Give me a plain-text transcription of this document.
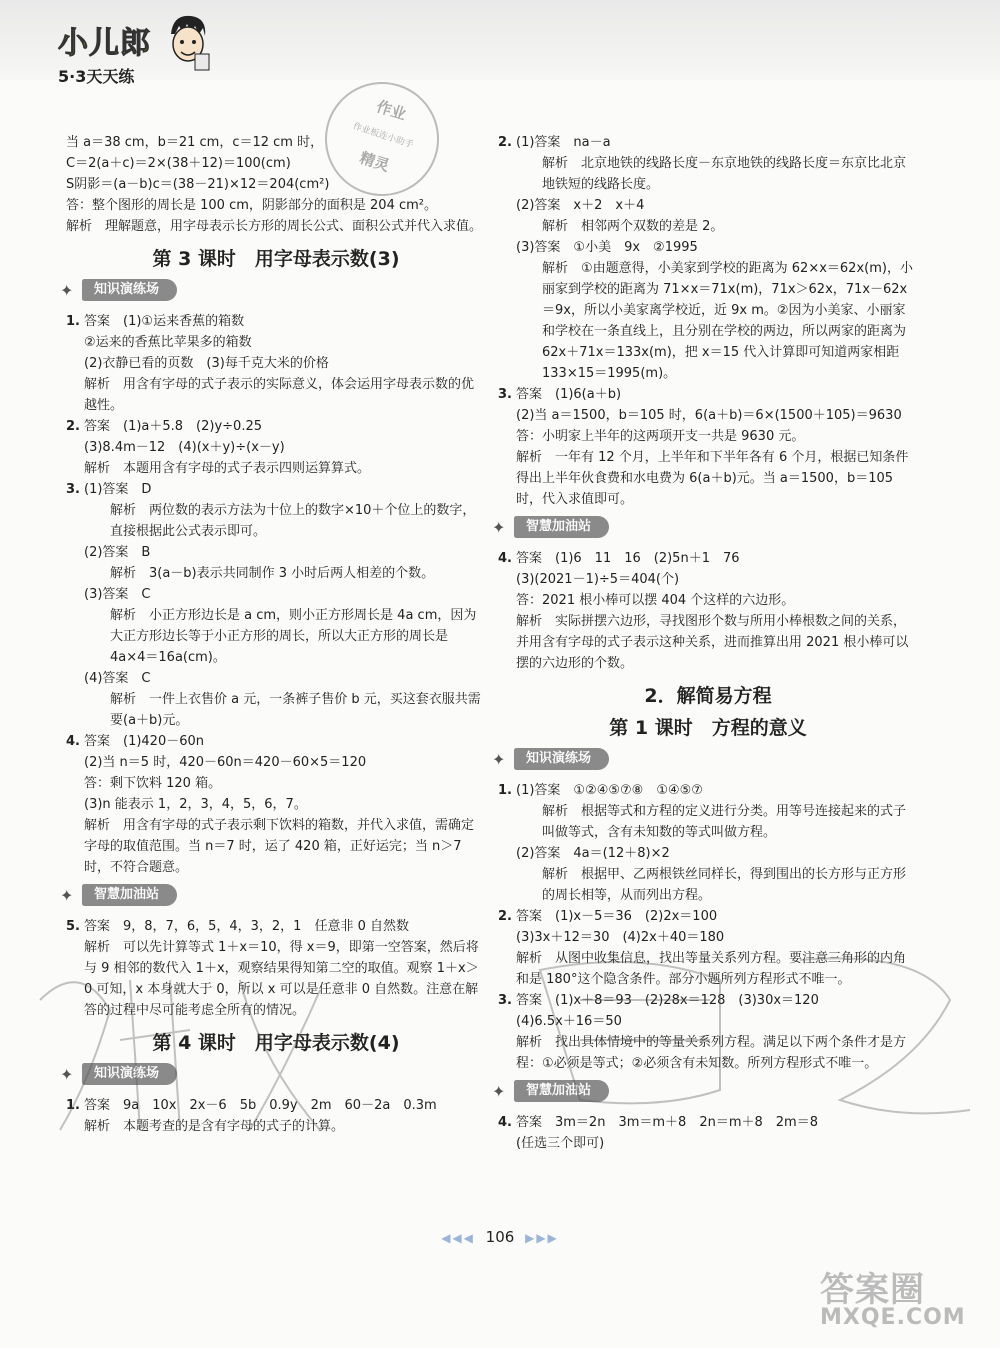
小儿郎
5·3天天练
作业
作业板连小助手
精灵

当 a＝38 cm，b＝21 cm，c＝12 cm 时，

C＝2(a＋c)＝2×(38＋12)＝100(cm)

S阴影＝(a－b)c＝(38－21)×12＝204(cm²)

答：整个图形的周长是 100 cm，阴影部分的面积是 204 cm²。

解析　理解题意，用字母表示长方形的周长公式、面积公式并代入求值。

第 3 课时　用字母表示数(3)
✦ 知识演练场

1. 答案　(1)①运来香蕉的箱数

②运来的香蕉比苹果多的箱数

(2)衣静已看的页数　(3)每千克大米的价格

解析　用含有字母的式子表示的实际意义，体会运用字母表示数的优越性。

2. 答案　(1)a＋5.8　(2)y÷0.25

(3)8.4m－12　(4)(x＋y)÷(x－y)

解析　本题用含有字母的式子表示四则运算算式。

3. (1)答案　D

解析　两位数的表示方法为十位上的数字×10＋个位上的数字，直接根据此公式表示即可。

(2)答案　B

解析　3(a－b)表示共同制作 3 小时后两人相差的个数。

(3)答案　C

解析　小正方形边长是 a cm，则小正方形周长是 4a cm，因为大正方形边长等于小正方形的周长，所以大正方形的周长是 4a×4＝16a(cm)。

(4)答案　C

解析　一件上衣售价 a 元，一条裤子售价 b 元，买这套衣服共需要(a＋b)元。

4. 答案　(1)420－60n

(2)当 n＝5 时，420－60n＝420－60×5＝120

答：剩下饮料 120 箱。

(3)n 能表示 1，2，3，4，5，6，7。

解析　用含有字母的式子表示剩下饮料的箱数，并代入求值，需确定字母的取值范围。当 n＝7 时，运了 420 箱，正好运完；当 n＞7 时，不符合题意。

✦ 智慧加油站

5. 答案　9，8，7，6，5，4，3，2，1　任意非 0 自然数

解析　可以先计算等式 1＋x＝10，得 x＝9，即第一空答案，然后将与 9 相邻的数代入 1＋x，观察结果得知第二空的取值。观察 1＋x＞0 可知，x 本身就大于 0，所以 x 可以是任意非 0 自然数。注意在解答的过程中尽可能考虑全所有的情况。

第 4 课时　用字母表示数(4)
✦ 知识演练场

1. 答案　9a　10x　2x－6　5b　0.9y　2m　60－2a　0.3m

解析　本题考查的是含有字母的式子的计算。

2. (1)答案　na－a

解析　北京地铁的线路长度－东京地铁的线路长度＝东京比北京地铁短的线路长度。

(2)答案　x＋2　x＋4

解析　相邻两个双数的差是 2。

(3)答案　①小美　9x　②1995

解析　①由题意得，小美家到学校的距离为 62×x＝62x(m)，小丽家到学校的距离为 71×x＝71x(m)，71x＞62x，71x－62x＝9x，所以小美家离学校近，近 9x m。②因为小美家、小丽家和学校在一条直线上，且分别在学校的两边，所以两家的距离为 62x＋71x＝133x(m)，把 x＝15 代入计算即可知道两家相距 133×15＝1995(m)。

3. 答案　(1)6(a＋b)

(2)当 a＝1500，b＝105 时，6(a＋b)＝6×(1500＋105)＝9630

答：小明家上半年的这两项开支一共是 9630 元。

解析　一年有 12 个月，上半年和下半年各有 6 个月，根据已知条件得出上半年伙食费和水电费为 6(a＋b)元。当 a＝1500，b＝105 时，代入求值即可。

✦ 智慧加油站

4. 答案　(1)6　11　16　(2)5n＋1　76

(3)(2021－1)÷5＝404(个)

答：2021 根小棒可以摆 404 个这样的六边形。

解析　实际拼摆六边形，寻找图形个数与所用小棒根数之间的关系，并用含有字母的式子表示这种关系，进而推算出用 2021 根小棒可以摆的六边形的个数。

2．解简易方程
第 1 课时　方程的意义
✦ 知识演练场

1. (1)答案　①②④⑤⑦⑧　①④⑤⑦

解析　根据等式和方程的定义进行分类。用等号连接起来的式子叫做等式，含有未知数的等式叫做方程。

(2)答案　4a＝(12＋8)×2

解析　根据甲、乙两根铁丝同样长，得到围出的长方形与正方形的周长相等，从而列出方程。

2. 答案　(1)x－5＝36　(2)2x＝100

(3)3x＋12＝30　(4)2x＋40＝180

解析　从图中收集信息，找出等量关系列方程。要注意三角形的内角和是 180°这个隐含条件。部分小题所列方程形式不唯一。

3. 答案　(1)x＋8＝93　(2)28x＝128　(3)30x＝120

(4)6.5x＋16＝50

解析　找出具体情境中的等量关系列方程。满足以下两个条件才是方程：①必须是等式；②必须含有未知数。所列方程形式不唯一。

✦ 智慧加油站

4. 答案　3m＝2n　3m＝m＋8　2n＝m＋8　2m＝8

(任选三个即可)

◀◀◀ 106 ▶▶▶
答案圈
MXQE.COM
